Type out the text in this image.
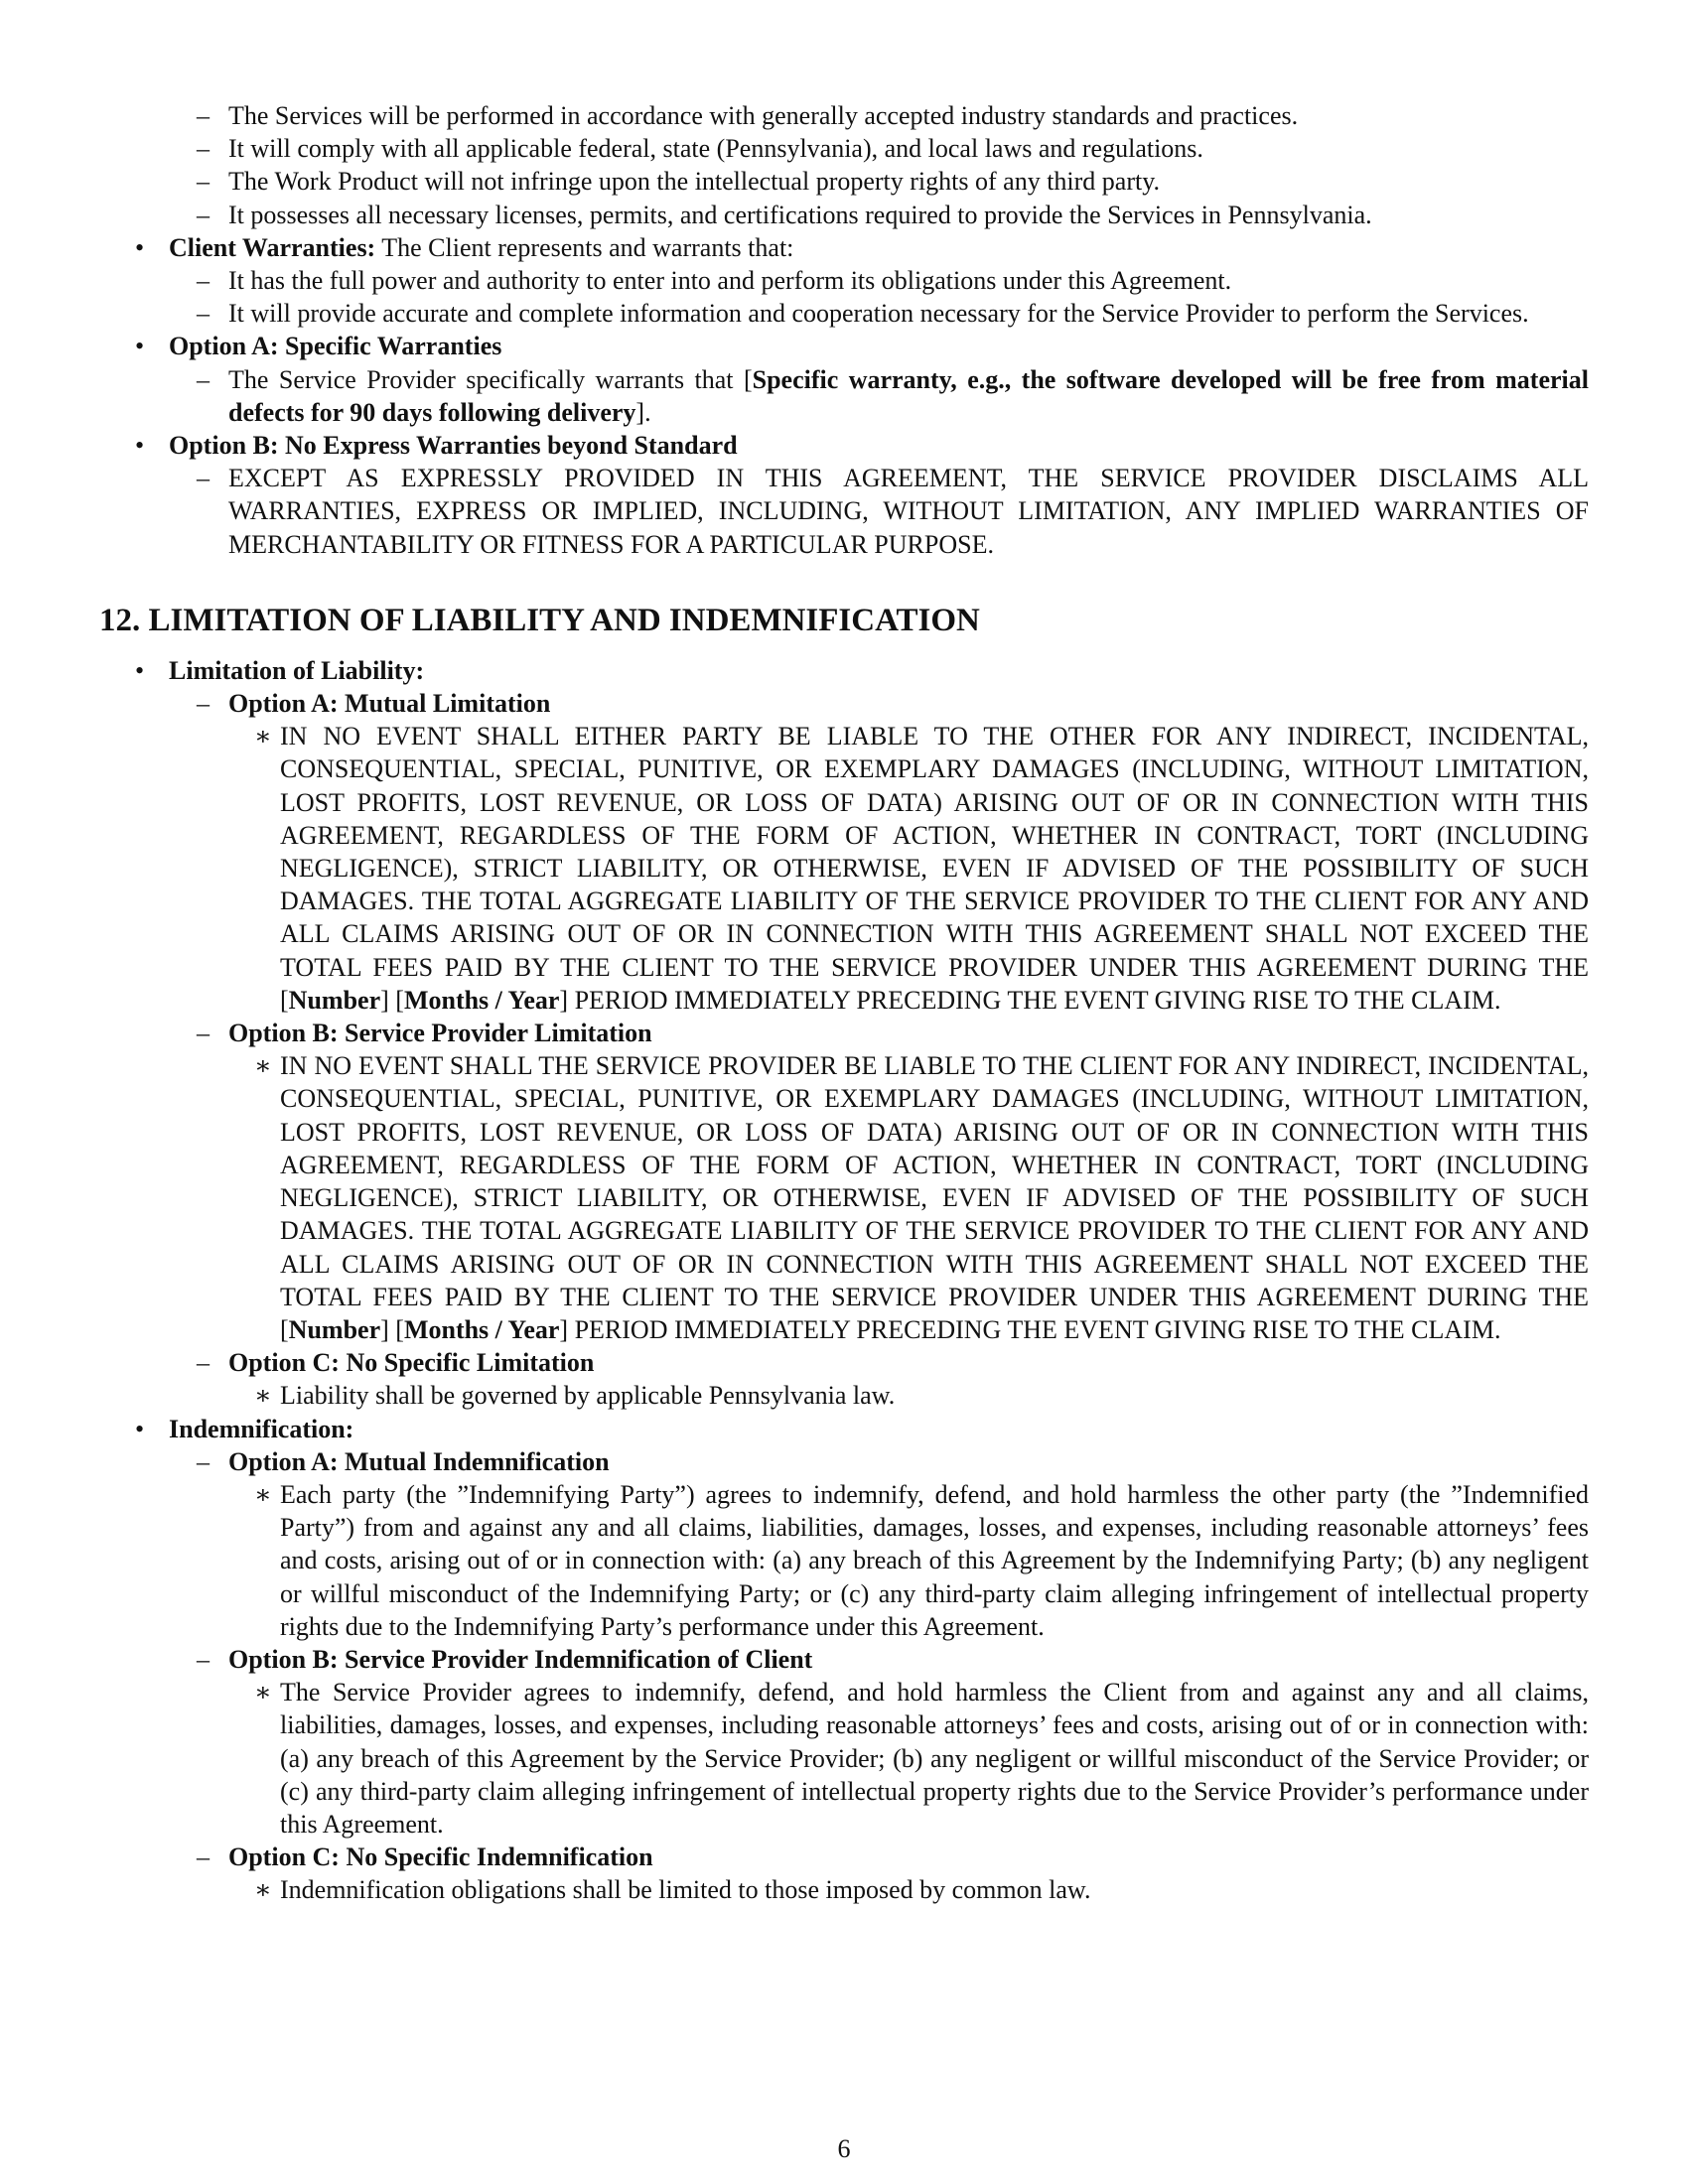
– The Services will be performed in accordance with generally accepted industry standards and practices.
– It will comply with all applicable federal, state (Pennsylvania), and local laws and regulations.
– The Work Product will not infringe upon the intellectual property rights of any third party.
– It possesses all necessary licenses, permits, and certifications required to provide the Services in Pennsylvania.
• Client Warranties: The Client represents and warrants that:
– It has the full power and authority to enter into and perform its obligations under this Agreement.
– It will provide accurate and complete information and cooperation necessary for the Service Provider to perform the Services.
• Option A: Specific Warranties
– The Service Provider specifically warrants that [Specific warranty, e.g., the software developed will be free from material defects for 90 days following delivery].
• Option B: No Express Warranties beyond Standard
– EXCEPT AS EXPRESSLY PROVIDED IN THIS AGREEMENT, THE SERVICE PROVIDER DISCLAIMS ALL WARRANTIES, EXPRESS OR IMPLIED, INCLUDING, WITHOUT LIMITATION, ANY IMPLIED WARRANTIES OF MERCHANTABILITY OR FITNESS FOR A PARTICULAR PURPOSE.
12. LIMITATION OF LIABILITY AND INDEMNIFICATION
• Limitation of Liability:
– Option A: Mutual Limitation
∗ IN NO EVENT SHALL EITHER PARTY BE LIABLE TO THE OTHER FOR ANY INDIRECT, INCIDENTAL, CONSEQUENTIAL, SPECIAL, PUNITIVE, OR EXEMPLARY DAMAGES (INCLUDING, WITHOUT LIMITATION, LOST PROFITS, LOST REVENUE, OR LOSS OF DATA) ARISING OUT OF OR IN CONNECTION WITH THIS AGREEMENT, REGARDLESS OF THE FORM OF ACTION, WHETHER IN CONTRACT, TORT (INCLUDING NEGLIGENCE), STRICT LIABILITY, OR OTHERWISE, EVEN IF ADVISED OF THE POSSIBILITY OF SUCH DAMAGES. THE TOTAL AGGREGATE LIABILITY OF THE SERVICE PROVIDER TO THE CLIENT FOR ANY AND ALL CLAIMS ARISING OUT OF OR IN CONNECTION WITH THIS AGREEMENT SHALL NOT EXCEED THE TOTAL FEES PAID BY THE CLIENT TO THE SERVICE PROVIDER UNDER THIS AGREEMENT DURING THE [Number] [Months / Year] PERIOD IMMEDIATELY PRECEDING THE EVENT GIVING RISE TO THE CLAIM.
– Option B: Service Provider Limitation
∗ IN NO EVENT SHALL THE SERVICE PROVIDER BE LIABLE TO THE CLIENT FOR ANY INDIRECT, INCIDENTAL, CONSEQUENTIAL, SPECIAL, PUNITIVE, OR EXEMPLARY DAMAGES (INCLUDING, WITHOUT LIMITATION, LOST PROFITS, LOST REVENUE, OR LOSS OF DATA) ARISING OUT OF OR IN CONNECTION WITH THIS AGREEMENT, REGARDLESS OF THE FORM OF ACTION, WHETHER IN CONTRACT, TORT (INCLUDING NEGLIGENCE), STRICT LIABILITY, OR OTHERWISE, EVEN IF ADVISED OF THE POSSIBILITY OF SUCH DAMAGES. THE TOTAL AGGREGATE LIABILITY OF THE SERVICE PROVIDER TO THE CLIENT FOR ANY AND ALL CLAIMS ARISING OUT OF OR IN CONNECTION WITH THIS AGREEMENT SHALL NOT EXCEED THE TOTAL FEES PAID BY THE CLIENT TO THE SERVICE PROVIDER UNDER THIS AGREEMENT DURING THE [Number] [Months / Year] PERIOD IMMEDIATELY PRECEDING THE EVENT GIVING RISE TO THE CLAIM.
– Option C: No Specific Limitation
∗ Liability shall be governed by applicable Pennsylvania law.
• Indemnification:
– Option A: Mutual Indemnification
∗ Each party (the ”Indemnifying Party”) agrees to indemnify, defend, and hold harmless the other party (the ”Indemnified Party”) from and against any and all claims, liabilities, damages, losses, and expenses, including reasonable attorneys’ fees and costs, arising out of or in connection with: (a) any breach of this Agreement by the Indemnifying Party; (b) any negligent or willful misconduct of the Indemnifying Party; or (c) any third-party claim alleging infringement of intellectual property rights due to the Indemnifying Party’s performance under this Agreement.
– Option B: Service Provider Indemnification of Client
∗ The Service Provider agrees to indemnify, defend, and hold harmless the Client from and against any and all claims, liabilities, damages, losses, and expenses, including reasonable attorneys’ fees and costs, arising out of or in connection with: (a) any breach of this Agreement by the Service Provider; (b) any negligent or willful misconduct of the Service Provider; or (c) any third-party claim alleging infringement of intellectual property rights due to the Service Provider’s performance under this Agreement.
– Option C: No Specific Indemnification
∗ Indemnification obligations shall be limited to those imposed by common law.
6
